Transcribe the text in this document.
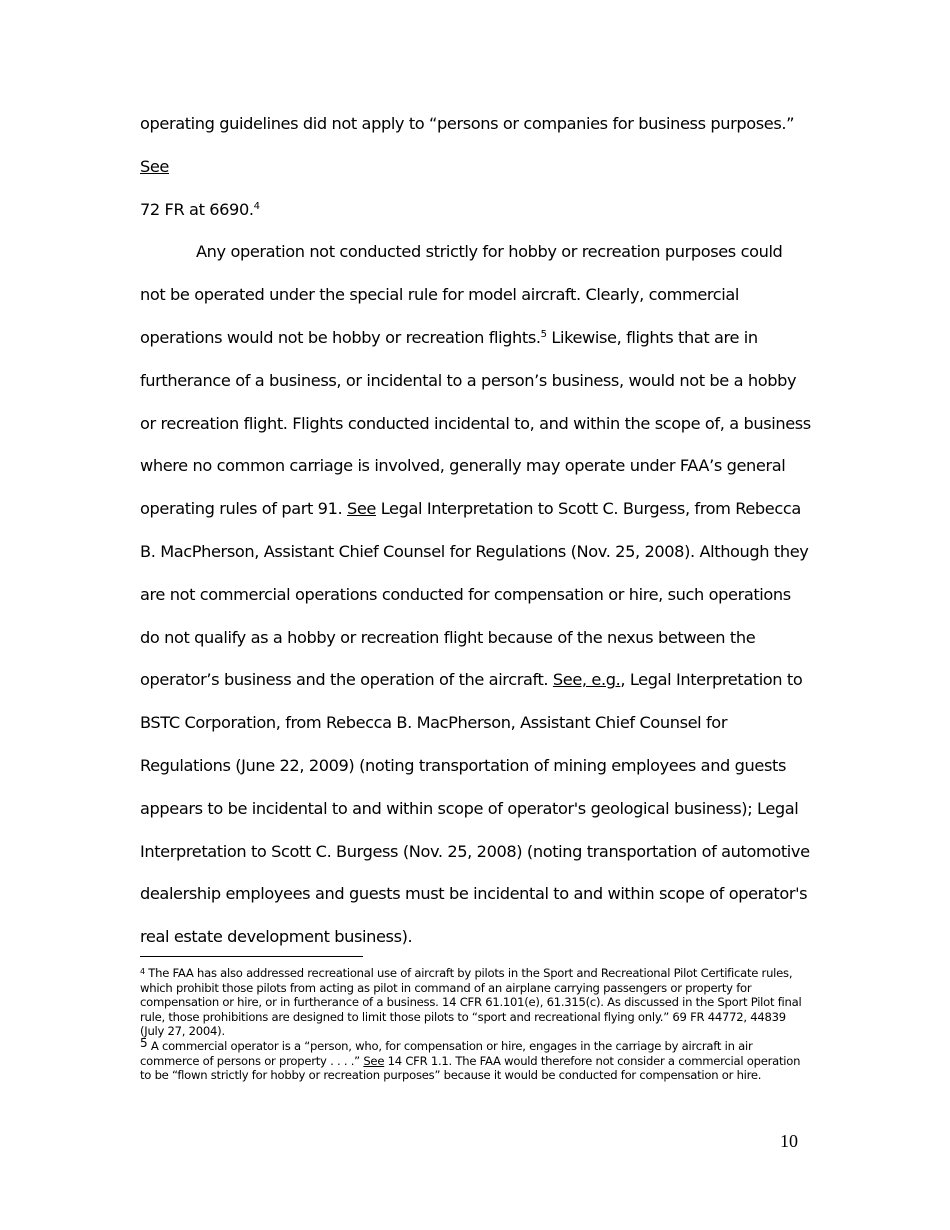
operating guidelines did not apply to “persons or companies for business purposes.” See
72 FR at 6690.$^4$

Any operation not conducted strictly for hobby or recreation purposes could not be operated under the special rule for model aircraft. Clearly, commercial operations would not be hobby or recreation flights.$^5$ Likewise, flights that are in furtherance of a business, or incidental to a person’s business, would not be a hobby or recreation flight. Flights conducted incidental to, and within the scope of, a business where no common carriage is involved, generally may operate under FAA’s general operating rules of part 91. See Legal Interpretation to Scott C. Burgess, from Rebecca B. MacPherson, Assistant Chief Counsel for Regulations (Nov. 25, 2008). Although they are not commercial operations conducted for compensation or hire, such operations do not qualify as a hobby or recreation flight because of the nexus between the operator’s business and the operation of the aircraft. See, e.g., Legal Interpretation to BSTC Corporation, from Rebecca B. MacPherson, Assistant Chief Counsel for Regulations (June 22, 2009) (noting transportation of mining employees and guests appears to be incidental to and within scope of operator's geological business); Legal Interpretation to Scott C. Burgess (Nov. 25, 2008) (noting transportation of automotive dealership employees and guests must be incidental to and within scope of operator's real estate development business).

$^4$ The FAA has also addressed recreational use of aircraft by pilots in the Sport and Recreational Pilot Certificate rules, which prohibit those pilots from acting as pilot in command of an airplane carrying passengers or property for compensation or hire, or in furtherance of a business. 14 CFR 61.101(e), 61.315(c). As discussed in the Sport Pilot final rule, those prohibitions are designed to limit those pilots to “sport and recreational flying only.” 69 FR 44772, 44839 (July 27, 2004).

5 A commercial operator is a “person, who, for compensation or hire, engages in the carriage by aircraft in air commerce of persons or property . . . .” See 14 CFR 1.1. The FAA would therefore not consider a commercial operation to be “flown strictly for hobby or recreation purposes” because it would be conducted for compensation or hire.

10
